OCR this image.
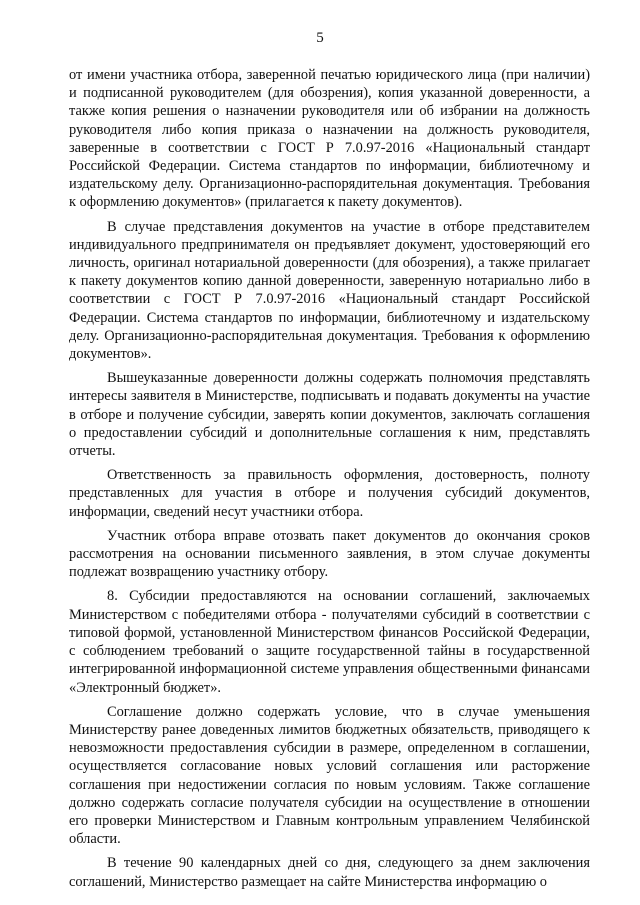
5

от имени участника отбора, заверенной печатью юридического лица (при наличии) и подписанной руководителем (для обозрения), копия указанной доверенности, а также копия решения о назначении руководителя или об избрании на должность руководителя либо копия приказа о назначении на должность руководителя, заверенные в соответствии с ГОСТ Р 7.0.97-2016 «Национальный стандарт Российской Федерации. Система стандартов по информации, библиотечному и издательскому делу. Организационно-распорядительная документация. Требования к оформлению документов» (прилагается к пакету документов).

В случае представления документов на участие в отборе представителем индивидуального предпринимателя он предъявляет документ, удостоверяющий его личность, оригинал нотариальной доверенности (для обозрения), а также прилагает к пакету документов копию данной доверенности, заверенную нотариально либо в соответствии с ГОСТ Р 7.0.97-2016 «Национальный стандарт Российской Федерации. Система стандартов по информации, библиотечному и издательскому делу. Организационно-распорядительная документация. Требования к оформлению документов».

Вышеуказанные доверенности должны содержать полномочия представлять интересы заявителя в Министерстве, подписывать и подавать документы на участие в отборе и получение субсидии, заверять копии документов, заключать соглашения о предоставлении субсидий и дополнительные соглашения к ним, представлять отчеты.

Ответственность за правильность оформления, достоверность, полноту представленных для участия в отборе и получения субсидий документов, информации, сведений несут участники отбора.

Участник отбора вправе отозвать пакет документов до окончания сроков рассмотрения на основании письменного заявления, в этом случае документы подлежат возвращению участнику отбору.

8. Субсидии предоставляются на основании соглашений, заключаемых Министерством с победителями отбора - получателями субсидий в соответствии с типовой формой, установленной Министерством финансов Российской Федерации, с соблюдением требований о защите государственной тайны в государственной интегрированной информационной системе управления общественными финансами «Электронный бюджет».

Соглашение должно содержать условие, что в случае уменьшения Министерству ранее доведенных лимитов бюджетных обязательств, приводящего к невозможности предоставления субсидии в размере, определенном в соглашении, осуществляется согласование новых условий соглашения или расторжение соглашения при недостижении согласия по новым условиям. Также соглашение должно содержать согласие получателя субсидии на осуществление в отношении его проверки Министерством и Главным контрольным управлением Челябинской области.

В течение 90 календарных дней со дня, следующего за днем заключения соглашений, Министерство размещает на сайте Министерства информацию о
